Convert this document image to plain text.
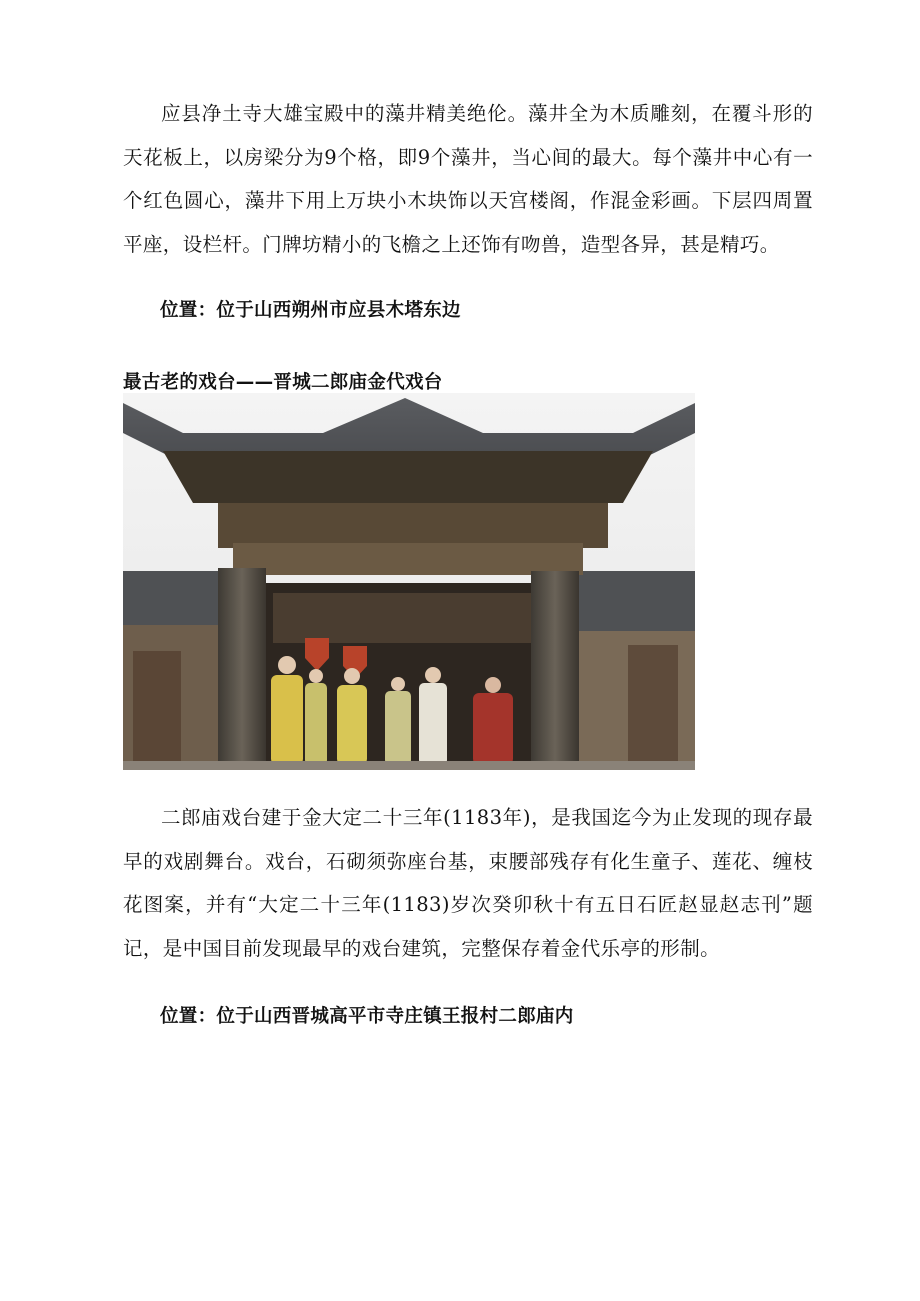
应县净土寺大雄宝殿中的藻井精美绝伦。藻井全为木质雕刻，在覆斗形的天花板上，以房梁分为9个格，即9个藻井，当心间的最大。每个藻井中心有一个红色圆心，藻井下用上万块小木块饰以天宫楼阁，作混金彩画。下层四周置平座，设栏杆。门牌坊精小的飞檐之上还饰有吻兽，造型各异，甚是精巧。

位置：位于山西朔州市应县木塔东边

最古老的戏台——晋城二郎庙金代戏台

二郎庙戏台建于金大定二十三年(1183年)，是我国迄今为止发现的现存最早的戏剧舞台。戏台，石砌须弥座台基，束腰部残存有化生童子、莲花、缠枝花图案，并有“大定二十三年(1183)岁次癸卯秋十有五日石匠赵显赵志刊”题记，是中国目前发现最早的戏台建筑，完整保存着金代乐亭的形制。

位置：位于山西晋城高平市寺庄镇王报村二郎庙内
